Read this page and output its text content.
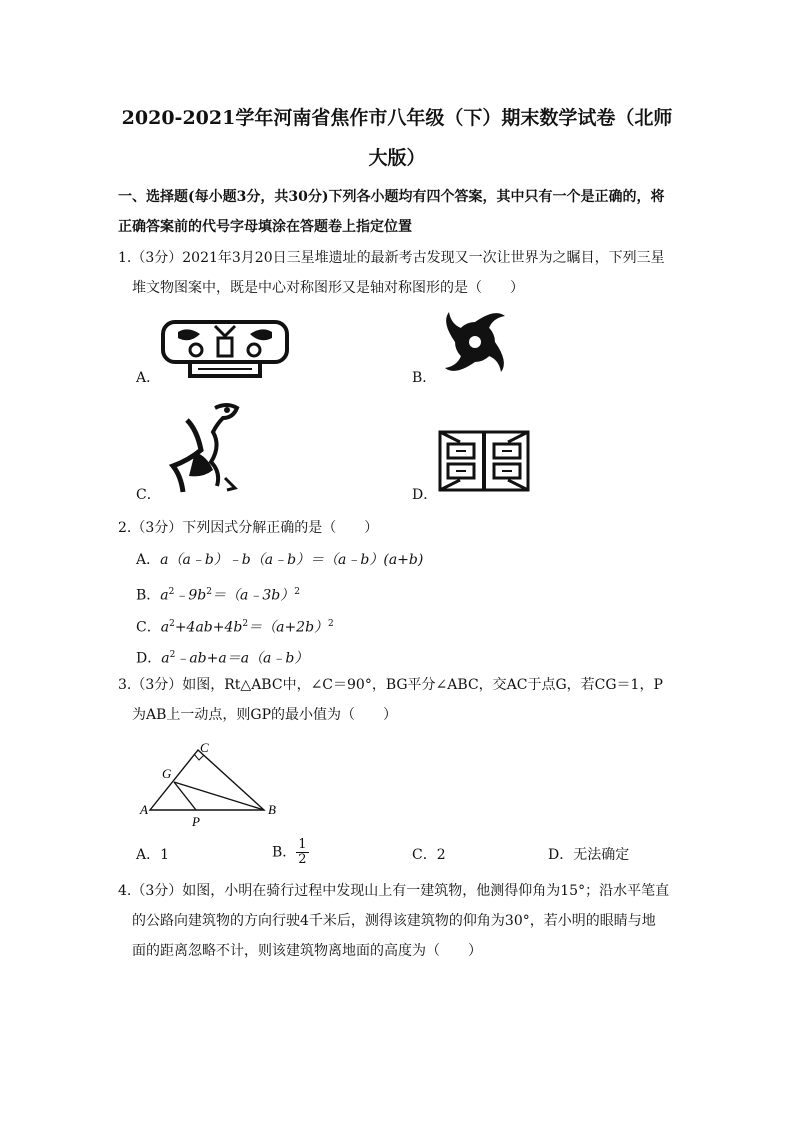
2020-2021学年河南省焦作市八年级（下）期末数学试卷（北师
大版）
一、选择题(每小题3分，共30分)下列各小题均有四个答案，其中只有一个是正确的，将
正确答案前的代号字母填涂在答题卷上指定位置
1.（3分）2021年3月20日三星堆遗址的最新考古发现又一次让世界为之瞩目，下列三星
堆文物图案中，既是中心对称图形又是轴对称图形的是（　　）
A．	B．
C．	D．
2.（3分）下列因式分解正确的是（　　）
A．a（a﹣b）﹣b（a﹣b）＝（a﹣b）(a+b)
B．$a^2﹣9b^2=(a﹣3b)^2$
C．$a^2+4ab+4b^2=(a+2b)^2$
D．$a^2﹣ab+a=a(a﹣b)$
3.（3分）如图，Rt△ABC中，∠C＝90°，BG平分∠ABC，交AC于点G，若CG＝1，P
为AB上一动点，则GP的最小值为（　　）
C
G
A	B
P
A．1	B． $\frac{1}{2}$	C．2	D．无法确定
4.（3分）如图，小明在骑行过程中发现山上有一建筑物，他测得仰角为15°；沿水平笔直
的公路向建筑物的方向行驶4千米后，测得该建筑物的仰角为30°，若小明的眼睛与地
面的距离忽略不计，则该建筑物离地面的高度为（　　）
